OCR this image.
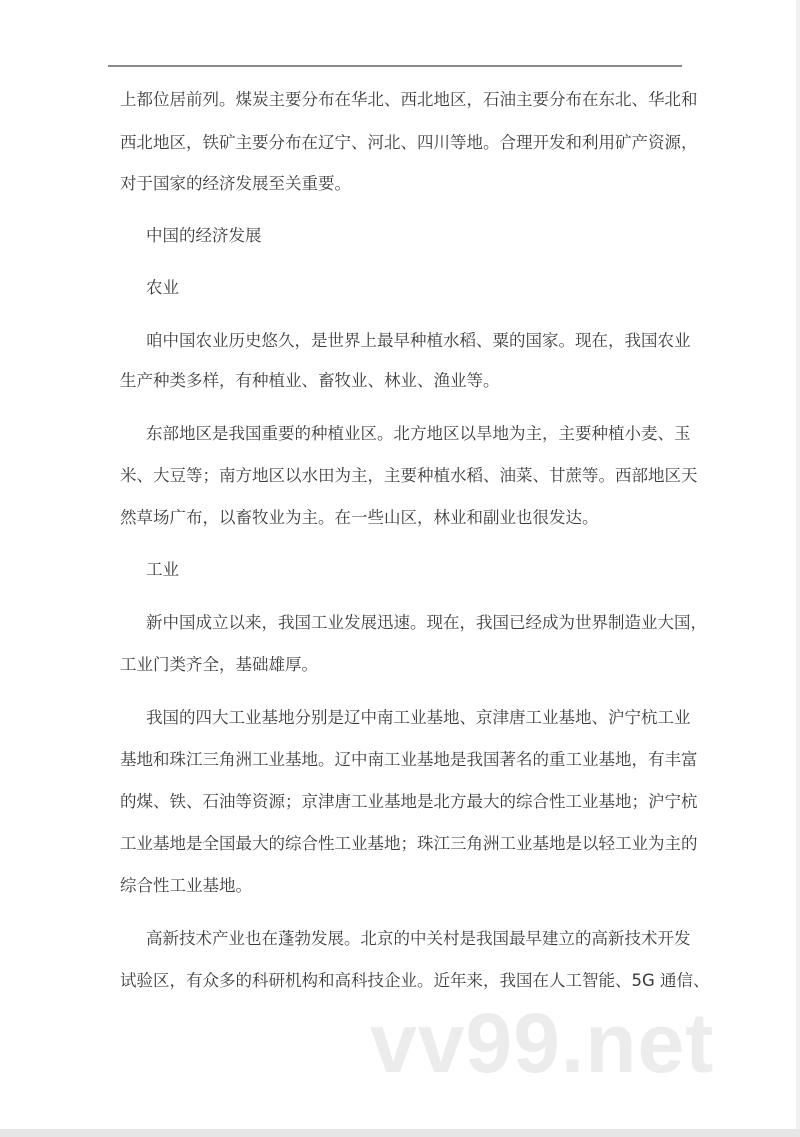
上都位居前列。煤炭主要分布在华北、西北地区，石油主要分布在东北、华北和
西北地区，铁矿主要分布在辽宁、河北、四川等地。合理开发和利用矿产资源，
对于国家的经济发展至关重要。
中国的经济发展
农业
咱中国农业历史悠久，是世界上最早种植水稻、粟的国家。现在，我国农业
生产种类多样，有种植业、畜牧业、林业、渔业等。
东部地区是我国重要的种植业区。北方地区以旱地为主，主要种植小麦、玉
米、大豆等；南方地区以水田为主，主要种植水稻、油菜、甘蔗等。西部地区天
然草场广布，以畜牧业为主。在一些山区，林业和副业也很发达。
工业
新中国成立以来，我国工业发展迅速。现在，我国已经成为世界制造业大国，
工业门类齐全，基础雄厚。
我国的四大工业基地分别是辽中南工业基地、京津唐工业基地、沪宁杭工业
基地和珠江三角洲工业基地。辽中南工业基地是我国著名的重工业基地，有丰富
的煤、铁、石油等资源；京津唐工业基地是北方最大的综合性工业基地；沪宁杭
工业基地是全国最大的综合性工业基地；珠江三角洲工业基地是以轻工业为主的
综合性工业基地。
高新技术产业也在蓬勃发展。北京的中关村是我国最早建立的高新技术开发
试验区，有众多的科研机构和高科技企业。近年来，我国在人工智能、5G 通信、
vv99.net
